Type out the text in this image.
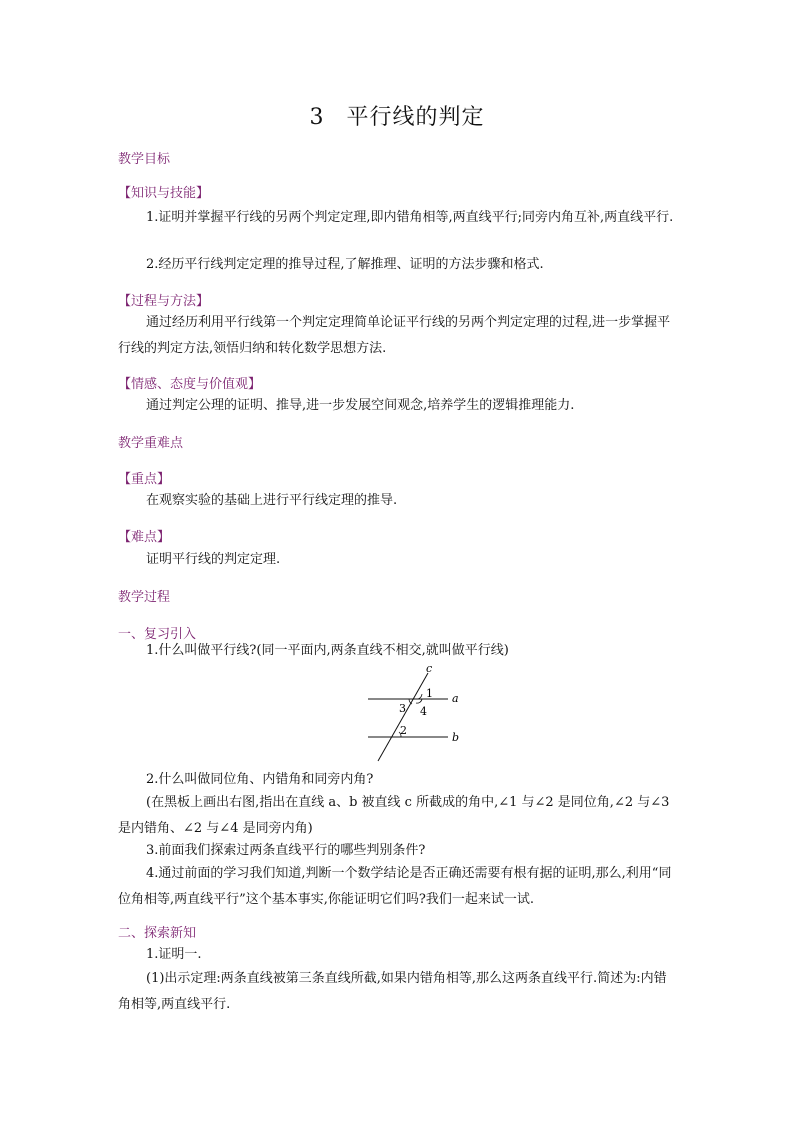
3 平行线的判定
教学目标
【知识与技能】
1.证明并掌握平行线的另两个判定定理,即内错角相等,两直线平行;同旁内角互补,两直线平行.
2.经历平行线判定定理的推导过程,了解推理、证明的方法步骤和格式.
【过程与方法】
通过经历利用平行线第一个判定定理简单论证平行线的另两个判定定理的过程,进一步掌握平行线的判定方法,领悟归纳和转化数学思想方法.
【情感、态度与价值观】
通过判定公理的证明、推导,进一步发展空间观念,培养学生的逻辑推理能力.
教学重难点
【重点】
在观察实验的基础上进行平行线定理的推导.
【难点】
证明平行线的判定定理.
教学过程
一、复习引入
1.什么叫做平行线?(同一平面内,两条直线不相交,就叫做平行线)
c
a
b
1
3 4
2
2.什么叫做同位角、内错角和同旁内角?
(在黑板上画出右图,指出在直线 a、b 被直线 c 所截成的角中,∠1 与∠2 是同位角,∠2 与∠3 是内错角、∠2 与∠4 是同旁内角)
3.前面我们探索过两条直线平行的哪些判别条件?
4.通过前面的学习我们知道,判断一个数学结论是否正确还需要有根有据的证明,那么,利用“同位角相等,两直线平行”这个基本事实,你能证明它们吗?我们一起来试一试.
二、探索新知
1.证明一.
(1)出示定理:两条直线被第三条直线所截,如果内错角相等,那么这两条直线平行.简述为:内错角相等,两直线平行.
